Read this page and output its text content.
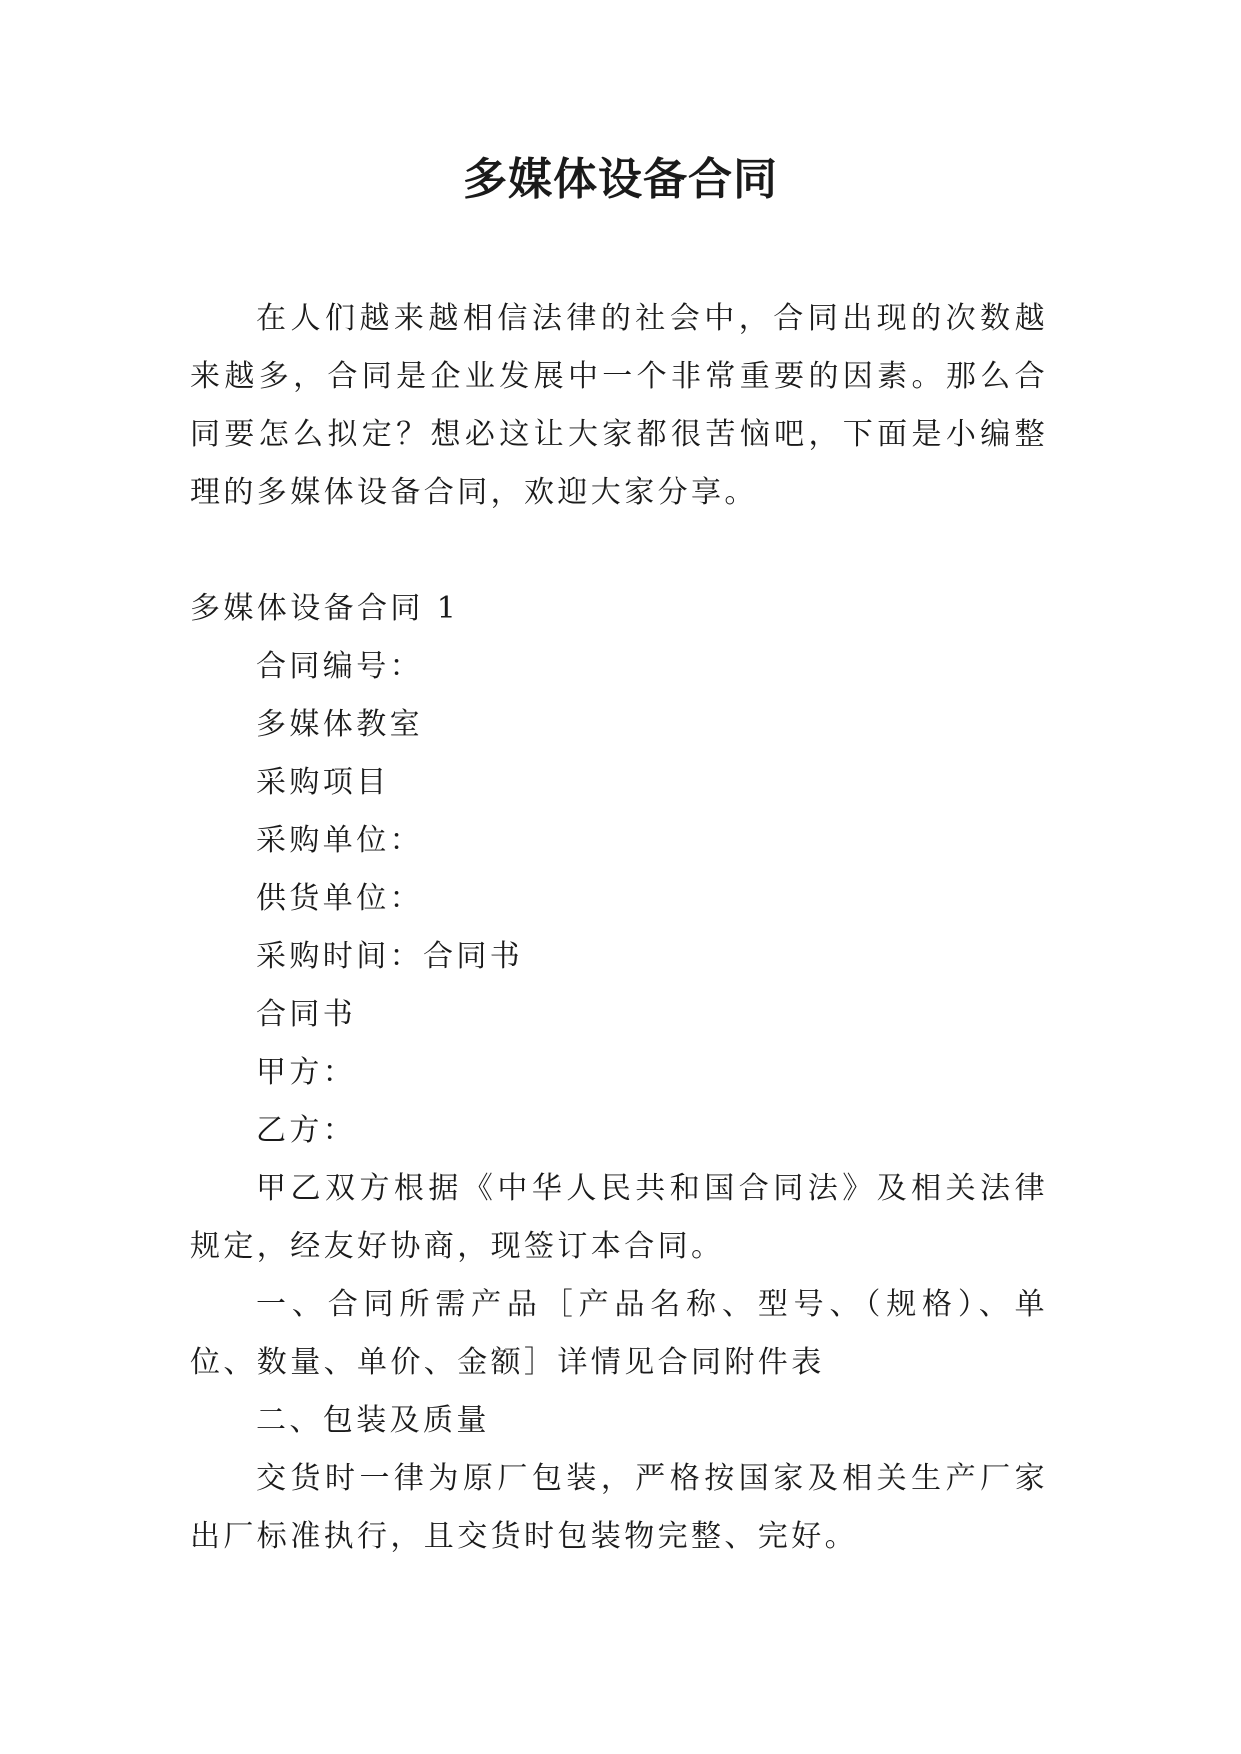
多媒体设备合同

在人们越来越相信法律的社会中，合同出现的次数越来越多，合同是企业发展中一个非常重要的因素。那么合同要怎么拟定？想必这让大家都很苦恼吧，下面是小编整理的多媒体设备合同，欢迎大家分享。

多媒体设备合同 1

合同编号：

多媒体教室

采购项目

采购单位：

供货单位：

采购时间：合同书

合同书

甲方：

乙方：

甲乙双方根据《中华人民共和国合同法》及相关法律规定，经友好协商，现签订本合同。

一、合同所需产品［产品名称、型号、（规格）、单位、数量、单价、金额］详情见合同附件表

二、包装及质量

交货时一律为原厂包装，严格按国家及相关生产厂家出厂标准执行，且交货时包装物完整、完好。
